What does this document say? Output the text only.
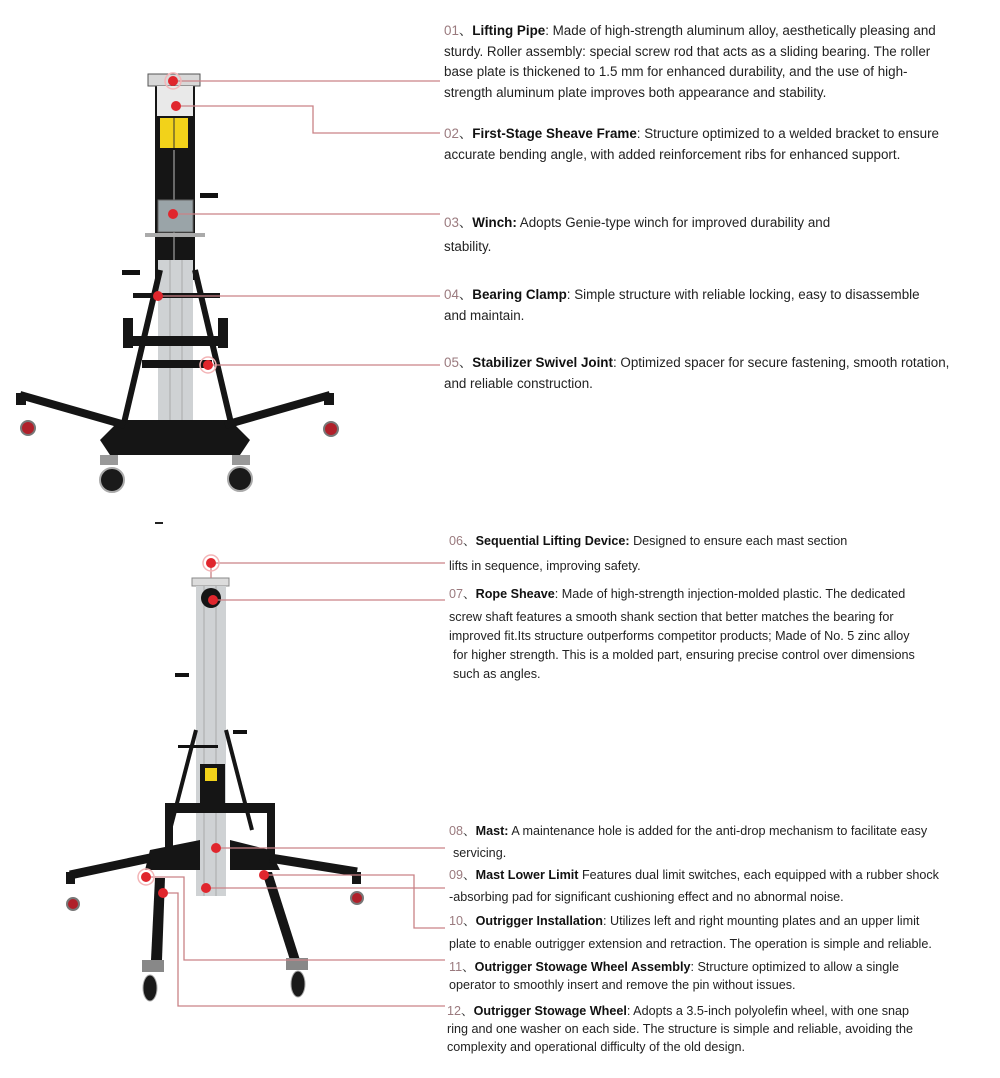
01、Lifting Pipe: Made of high-strength aluminum alloy, aesthetically pleasing and

sturdy. Roller assembly: special screw rod that acts as a sliding bearing. The roller

base plate is thickened to 1.5 mm for enhanced durability, and the use of high-

strength aluminum plate improves both appearance and stability.

02、First-Stage Sheave Frame: Structure optimized to a welded bracket to ensure

accurate bending angle, with added reinforcement ribs for enhanced support.

03、Winch: Adopts Genie-type winch for improved durability and

stability.

04、Bearing Clamp: Simple structure with reliable locking, easy to disassemble

and maintain.

05、Stabilizer Swivel Joint: Optimized spacer for secure fastening, smooth rotation,

and reliable construction.

06、Sequential Lifting Device: Designed to ensure each mast section

lifts in sequence, improving safety.

07、Rope Sheave: Made of high-strength injection-molded plastic. The dedicated

screw shaft features a smooth shank section that better matches the bearing for

improved fit.Its structure outperforms competitor products; Made of No. 5 zinc alloy

for higher strength. This is a molded part, ensuring precise control over dimensions

such as angles.

08、Mast: A maintenance hole is added for the anti-drop mechanism to facilitate easy

servicing.

09、Mast Lower Limit Features dual limit switches, each equipped with a rubber shock

-absorbing pad for significant cushioning effect and no abnormal noise.

10、Outrigger Installation: Utilizes left and right mounting plates and an upper limit

plate to enable outrigger extension and retraction. The operation is simple and reliable.

11、Outrigger Stowage Wheel Assembly: Structure optimized to allow a single

operator to smoothly insert and remove the pin without issues.

12、Outrigger Stowage Wheel: Adopts a 3.5-inch polyolefin wheel, with one snap

ring and one washer on each side. The structure is simple and reliable, avoiding the

complexity and operational difficulty of the old design.
